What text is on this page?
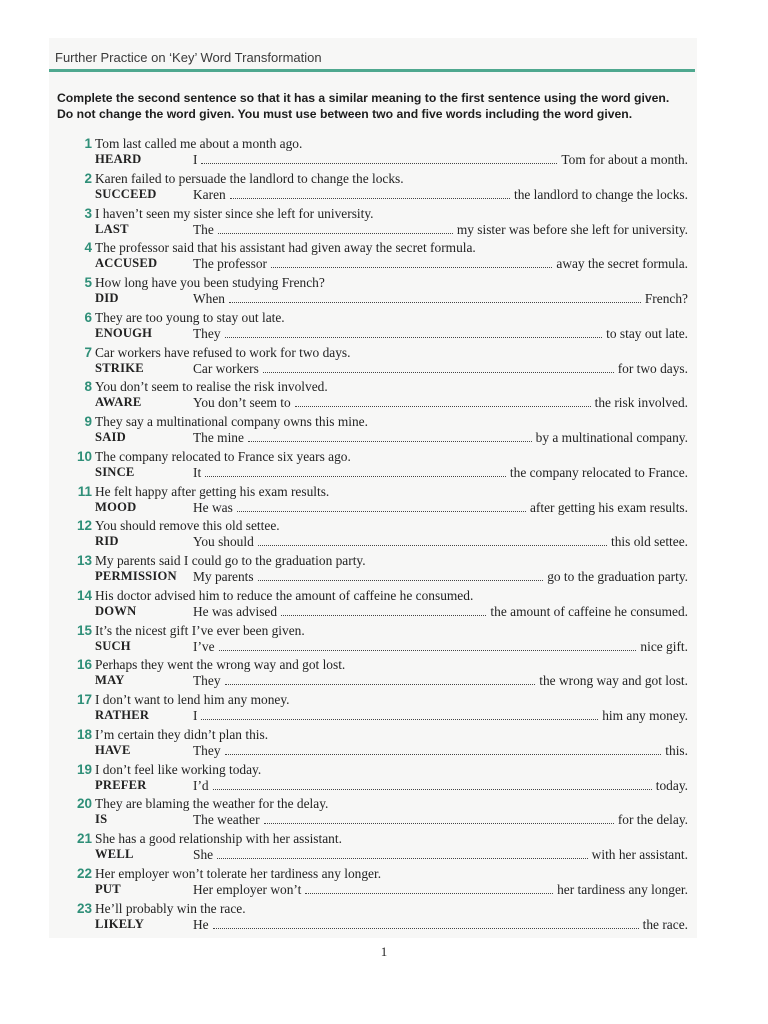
Further Practice on ‘Key’ Word Transformation
Complete the second sentence so that it has a similar meaning to the first sentence using the word given.
Do not change the word given. You must use between two and five words including the word given.
1 Tom last called me about a month ago.
HEARD	I	Tom for about a month.
2 Karen failed to persuade the landlord to change the locks.
SUCCEED	Karen	the landlord to change the locks.
3 I haven’t seen my sister since she left for university.
LAST	The	my sister was before she left for university.
4 The professor said that his assistant had given away the secret formula.
ACCUSED	The professor	away the secret formula.
5 How long have you been studying French?
DID	When	French?
6 They are too young to stay out late.
ENOUGH	They	to stay out late.
7 Car workers have refused to work for two days.
STRIKE	Car workers	for two days.
8 You don’t seem to realise the risk involved.
AWARE	You don’t seem to	the risk involved.
9 They say a multinational company owns this mine.
SAID	The mine	by a multinational company.
10 The company relocated to France six years ago.
SINCE	It	the company relocated to France.
11 He felt happy after getting his exam results.
MOOD	He was	after getting his exam results.
12 You should remove this old settee.
RID	You should	this old settee.
13 My parents said I could go to the graduation party.
PERMISSION My parents	go to the graduation party.
14 His doctor advised him to reduce the amount of caffeine he consumed.
DOWN	He was advised	the amount of caffeine he consumed.
15 It’s the nicest gift I’ve ever been given.
SUCH	I’ve	nice gift.
16 Perhaps they went the wrong way and got lost.
MAY	They	the wrong way and got lost.
17 I don’t want to lend him any money.
RATHER	I	him any money.
18 I’m certain they didn’t plan this.
HAVE	They	this.
19 I don’t feel like working today.
PREFER	I’d	today.
20 They are blaming the weather for the delay.
IS	The weather	for the delay.
21 She has a good relationship with her assistant.
WELL	She	with her assistant.
22 Her employer won’t tolerate her tardiness any longer.
PUT	Her employer won’t	her tardiness any longer.
23 He’ll probably win the race.
LIKELY	He	the race.
1
